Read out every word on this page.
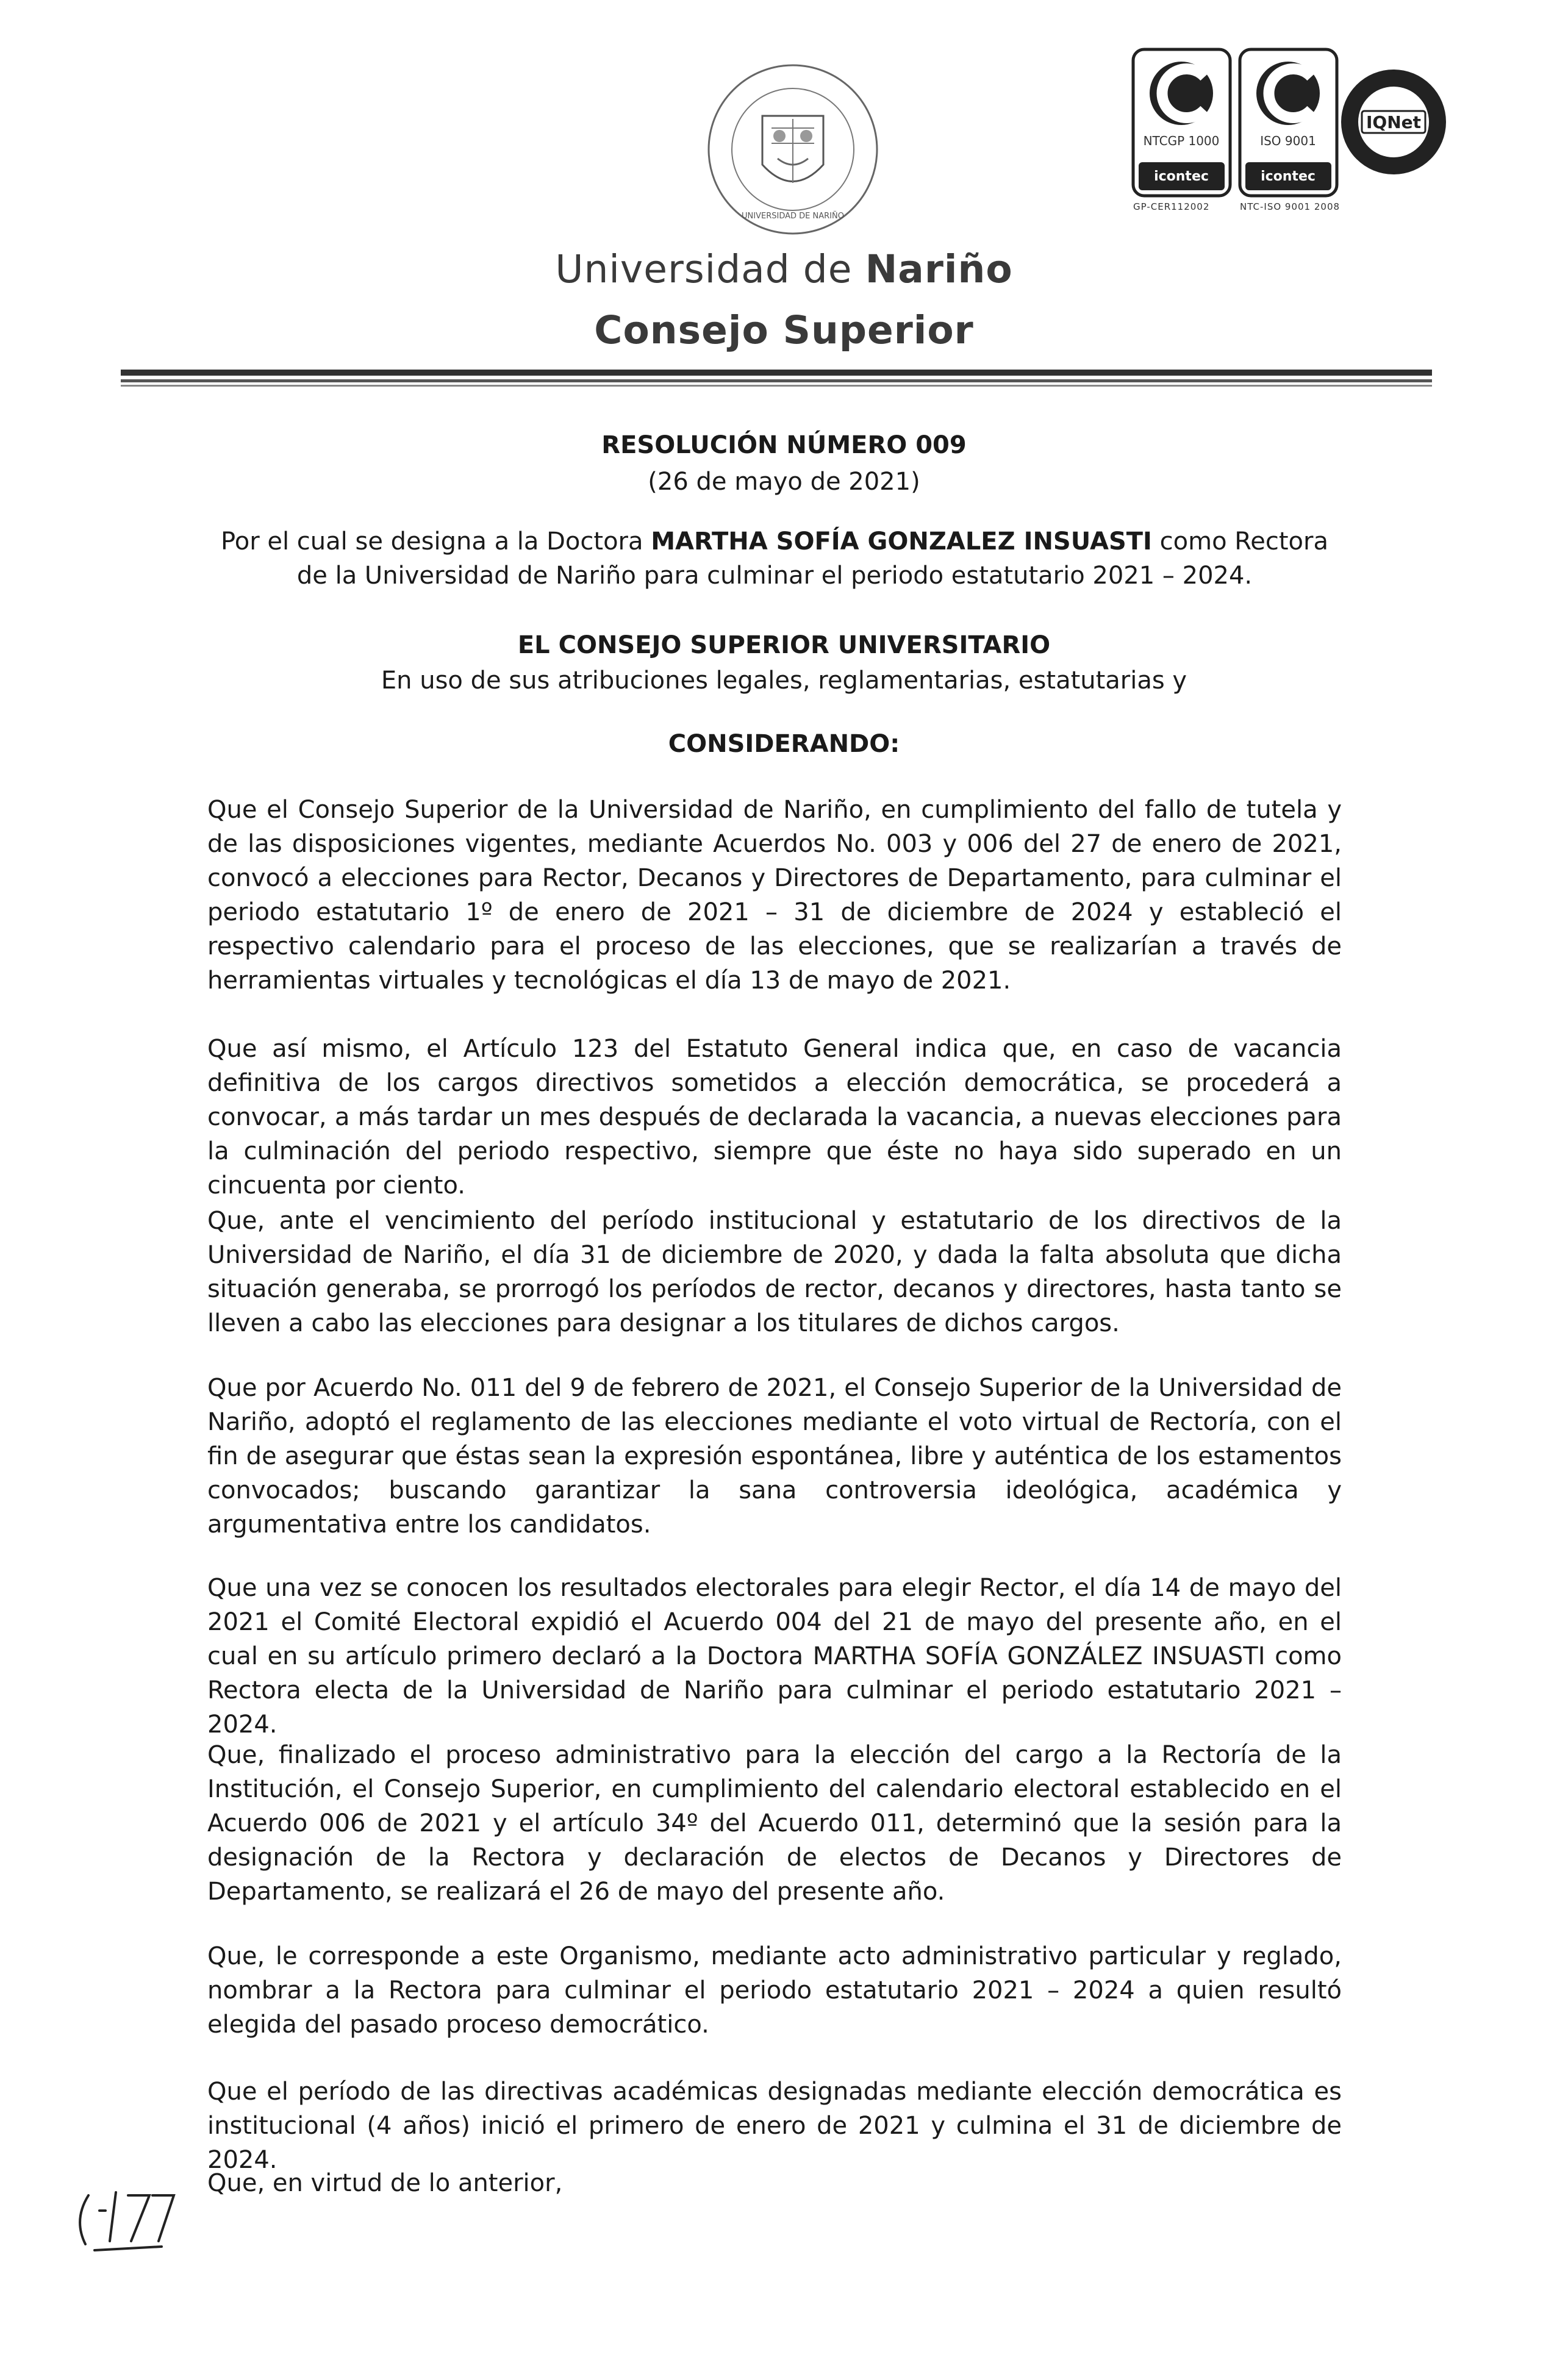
UNIVERSIDAD DE NARIÑO
NTCGP 1000
icontec
GP-CER112002
ISO 9001
icontec
NTC-ISO 9001 2008
IQNet
Universidad de Nariño
Consejo Superior
RESOLUCIÓN NÚMERO 009
(26 de mayo de 2021)
Por el cual se designa a la Doctora MARTHA SOFÍA GONZALEZ INSUASTI como Rectora de la Universidad de Nariño para culminar el periodo estatutario 2021 – 2024.
EL CONSEJO SUPERIOR UNIVERSITARIO
En uso de sus atribuciones legales, reglamentarias, estatutarias y
CONSIDERANDO:

Que el Consejo Superior de la Universidad de Nariño, en cumplimiento del fallo de tutela y de las disposiciones vigentes, mediante Acuerdos No. 003 y 006 del 27 de enero de 2021, convocó a elecciones para Rector, Decanos y Directores de Departamento, para culminar el periodo estatutario 1º de enero de 2021 – 31 de diciembre de 2024 y estableció el respectivo calendario para el proceso de las elecciones, que se realizarían a través de herramientas virtuales y tecnológicas el día 13 de mayo de 2021.

Que así mismo, el Artículo 123 del Estatuto General indica que, en caso de vacancia definitiva de los cargos directivos sometidos a elección democrática, se procederá a convocar, a más tardar un mes después de declarada la vacancia, a nuevas elecciones para la culminación del periodo respectivo, siempre que éste no haya sido superado en un cincuenta por ciento.

Que, ante el vencimiento del período institucional y estatutario de los directivos de la Universidad de Nariño, el día 31 de diciembre de 2020, y dada la falta absoluta que dicha situación generaba, se prorrogó los períodos de rector, decanos y directores, hasta tanto se lleven a cabo las elecciones para designar a los titulares de dichos cargos.

Que por Acuerdo No. 011 del 9 de febrero de 2021, el Consejo Superior de la Universidad de Nariño, adoptó el reglamento de las elecciones mediante el voto virtual de Rectoría, con el fin de asegurar que éstas sean la expresión espontánea, libre y auténtica de los estamentos convocados; buscando garantizar la sana controversia ideológica, académica y argumentativa entre los candidatos.

Que una vez se conocen los resultados electorales para elegir Rector, el día 14 de mayo del 2021 el Comité Electoral expidió el Acuerdo 004 del 21 de mayo del presente año, en el cual en su artículo primero declaró a la Doctora MARTHA SOFÍA GONZÁLEZ INSUASTI como Rectora electa de la Universidad de Nariño para culminar el periodo estatutario 2021 – 2024.

Que, finalizado el proceso administrativo para la elección del cargo a la Rectoría de la Institución, el Consejo Superior, en cumplimiento del calendario electoral establecido en el Acuerdo 006 de 2021 y el artículo 34º del Acuerdo 011, determinó que la sesión para la designación de la Rectora y declaración de electos de Decanos y Directores de Departamento, se realizará el 26 de mayo del presente año.

Que, le corresponde a este Organismo, mediante acto administrativo particular y reglado, nombrar a la Rectora para culminar el periodo estatutario 2021 – 2024 a quien resultó elegida del pasado proceso democrático.

Que el período de las directivas académicas designadas mediante elección democrática es institucional (4 años) inició el primero de enero de 2021 y culmina el 31 de diciembre de 2024.

Que, en virtud de lo anterior,
